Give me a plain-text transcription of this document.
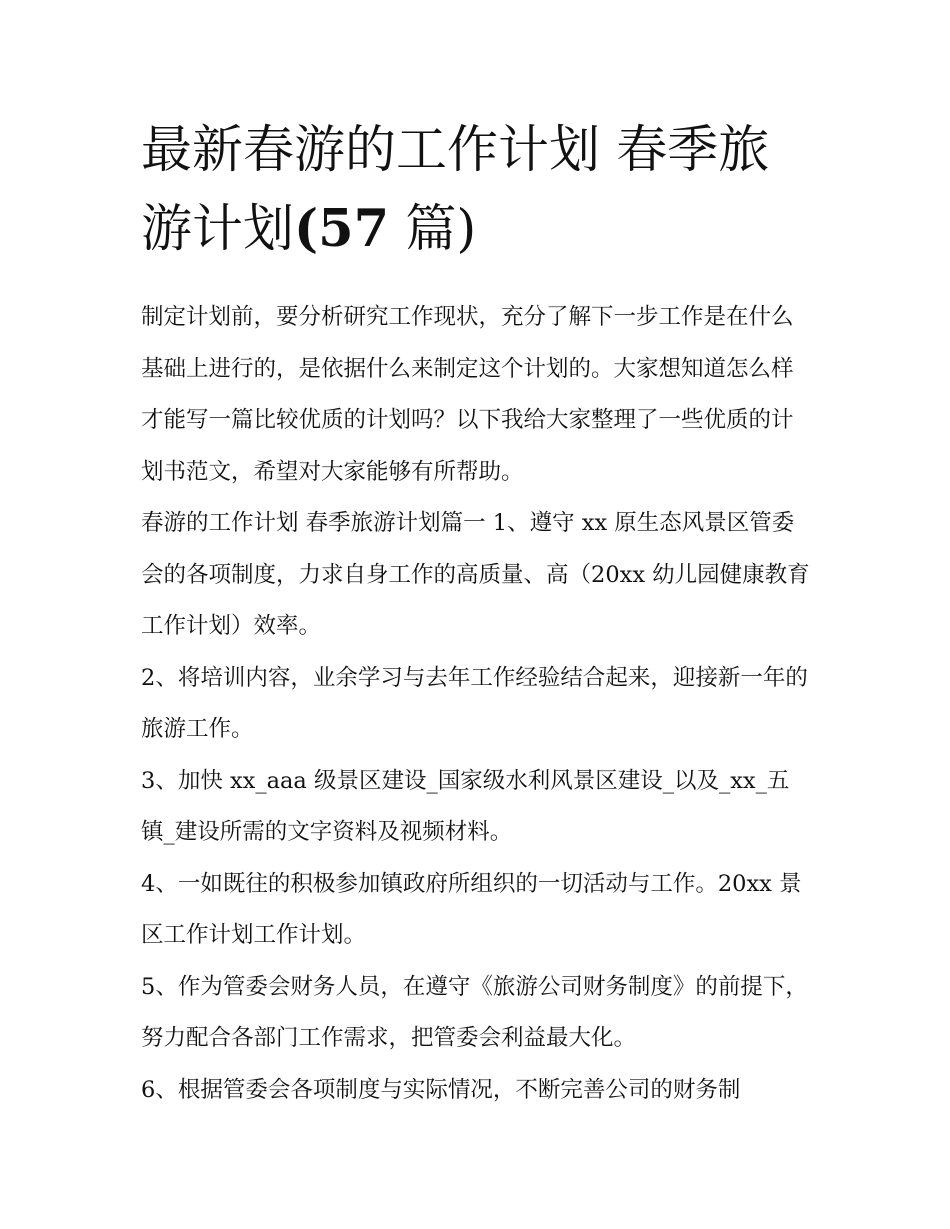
最新春游的工作计划 春季旅游计划(57 篇)

制定计划前，要分析研究工作现状，充分了解下一步工作是在什么基础上进行的，是依据什么来制定这个计划的。大家想知道怎么样才能写一篇比较优质的计划吗？以下我给大家整理了一些优质的计划书范文，希望对大家能够有所帮助。

春游的工作计划 春季旅游计划篇一 1、遵守 xx 原生态风景区管委会的各项制度，力求自身工作的高质量、高（20xx 幼儿园健康教育工作计划）效率。

2、将培训内容，业余学习与去年工作经验结合起来，迎接新一年的旅游工作。

3、加快 xx_aaa 级景区建设_国家级水利风景区建设_以及_xx_五镇_建设所需的文字资料及视频材料。

4、一如既往的积极参加镇政府所组织的一切活动与工作。20xx 景区工作计划工作计划。

5、作为管委会财务人员，在遵守《旅游公司财务制度》的前提下，努力配合各部门工作需求，把管委会利益最大化。

6、根据管委会各项制度与实际情况，不断完善公司的财务制
